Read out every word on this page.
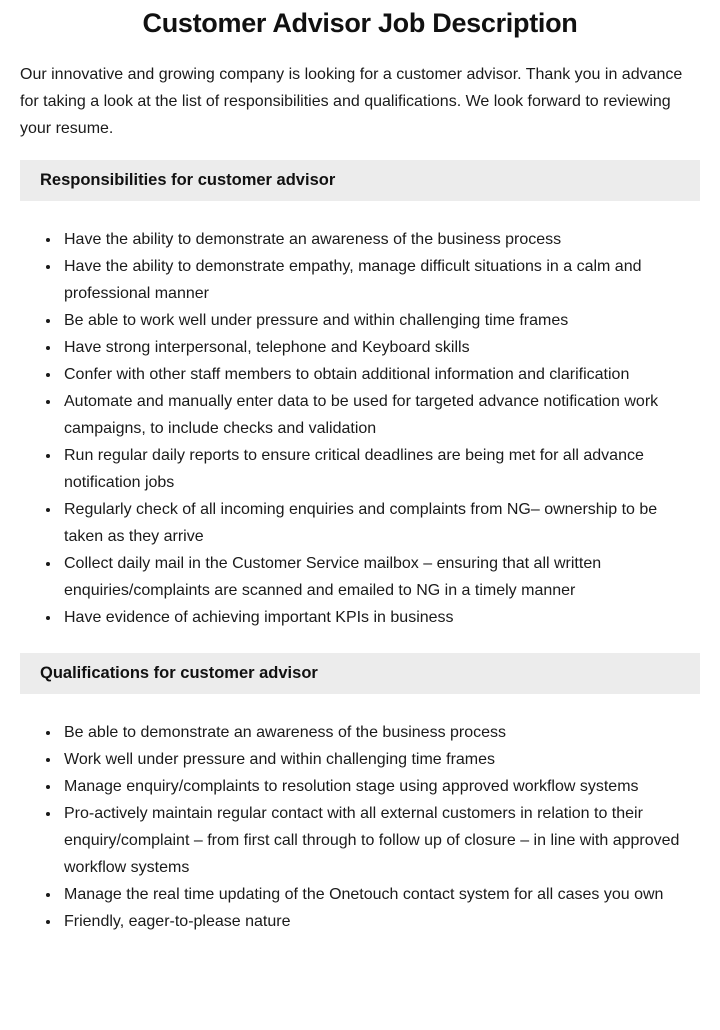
Customer Advisor Job Description

Our innovative and growing company is looking for a customer advisor. Thank you in advance for taking a look at the list of responsibilities and qualifications. We look forward to reviewing your resume.

Responsibilities for customer advisor
• Have the ability to demonstrate an awareness of the business process
• Have the ability to demonstrate empathy, manage difficult situations in a calm and professional manner
• Be able to work well under pressure and within challenging time frames
• Have strong interpersonal, telephone and Keyboard skills
• Confer with other staff members to obtain additional information and clarification
• Automate and manually enter data to be used for targeted advance notification work campaigns, to include checks and validation
• Run regular daily reports to ensure critical deadlines are being met for all advance notification jobs
• Regularly check of all incoming enquiries and complaints from NG– ownership to be taken as they arrive
• Collect daily mail in the Customer Service mailbox – ensuring that all written enquiries/complaints are scanned and emailed to NG in a timely manner
• Have evidence of achieving important KPIs in business
Qualifications for customer advisor
• Be able to demonstrate an awareness of the business process
• Work well under pressure and within challenging time frames
• Manage enquiry/complaints to resolution stage using approved workflow systems
• Pro-actively maintain regular contact with all external customers in relation to their enquiry/complaint – from first call through to follow up of closure – in line with approved workflow systems
• Manage the real time updating of the Onetouch contact system for all cases you own
• Friendly, eager-to-please nature
